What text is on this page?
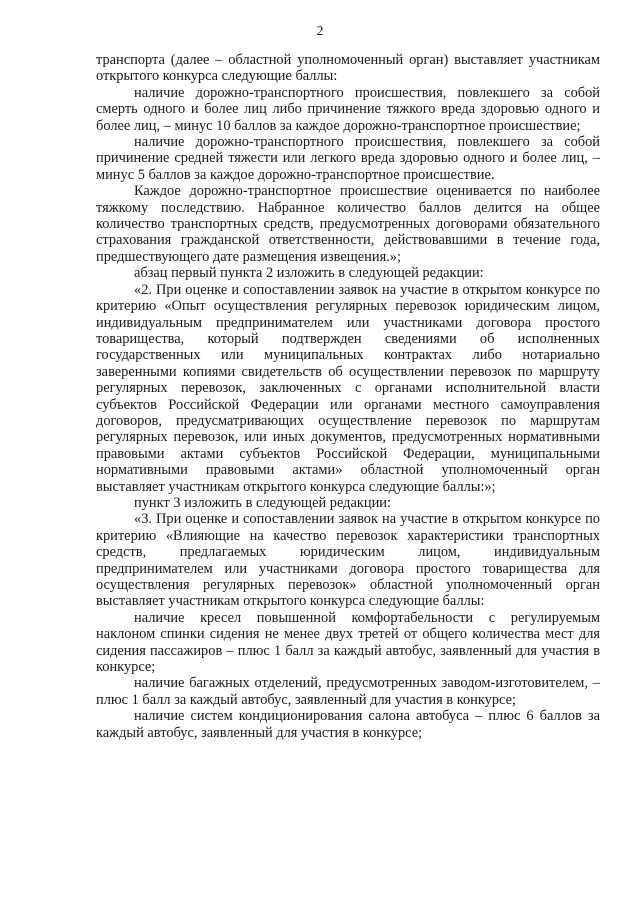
2

транспорта (далее – областной уполномоченный орган) выставляет участникам открытого конкурса следующие баллы:

наличие дорожно-транспортного происшествия, повлекшего за собой смерть одного и более лиц либо причинение тяжкого вреда здоровью одного и более лиц, – минус 10 баллов за каждое дорожно-транспортное происшествие;

наличие дорожно-транспортного происшествия, повлекшего за собой причинение средней тяжести или легкого вреда здоровью одного и более лиц, – минус 5 баллов за каждое дорожно-транспортное происшествие.

Каждое дорожно-транспортное происшествие оценивается по наиболее тяжкому последствию. Набранное количество баллов делится на общее количество транспортных средств, предусмотренных договорами обязательного страхования гражданской ответственности, действовавшими в течение года, предшествующего дате размещения извещения.»;

абзац первый пункта 2 изложить в следующей редакции:

«2. При оценке и сопоставлении заявок на участие в открытом конкурсе по критерию «Опыт осуществления регулярных перевозок юридическим лицом, индивидуальным предпринимателем или участниками договора простого товарищества, который подтвержден сведениями об исполненных государственных или муниципальных контрактах либо нотариально заверенными копиями свидетельств об осуществлении перевозок по маршруту регулярных перевозок, заключенных с органами исполнительной власти субъектов Российской Федерации или органами местного самоуправления договоров, предусматривающих осуществление перевозок по маршрутам регулярных перевозок, или иных документов, предусмотренных нормативными правовыми актами субъектов Российской Федерации, муниципальными нормативными правовыми актами» областной уполномоченный орган выставляет участникам открытого конкурса следующие баллы:»;

пункт 3 изложить в следующей редакции:

«3. При оценке и сопоставлении заявок на участие в открытом конкурсе по критерию «Влияющие на качество перевозок характеристики транспортных средств, предлагаемых юридическим лицом, индивидуальным предпринимателем или участниками договора простого товарищества для осуществления регулярных перевозок» областной уполномоченный орган выставляет участникам открытого конкурса следующие баллы:

наличие кресел повышенной комфортабельности с регулируемым наклоном спинки сидения не менее двух третей от общего количества мест для сидения пассажиров – плюс 1 балл за каждый автобус, заявленный для участия в конкурсе;

наличие багажных отделений, предусмотренных заводом-изготовителем, – плюс 1 балл за каждый автобус, заявленный для участия в конкурсе;

наличие систем кондиционирования салона автобуса – плюс 6 баллов за каждый автобус, заявленный для участия в конкурсе;
